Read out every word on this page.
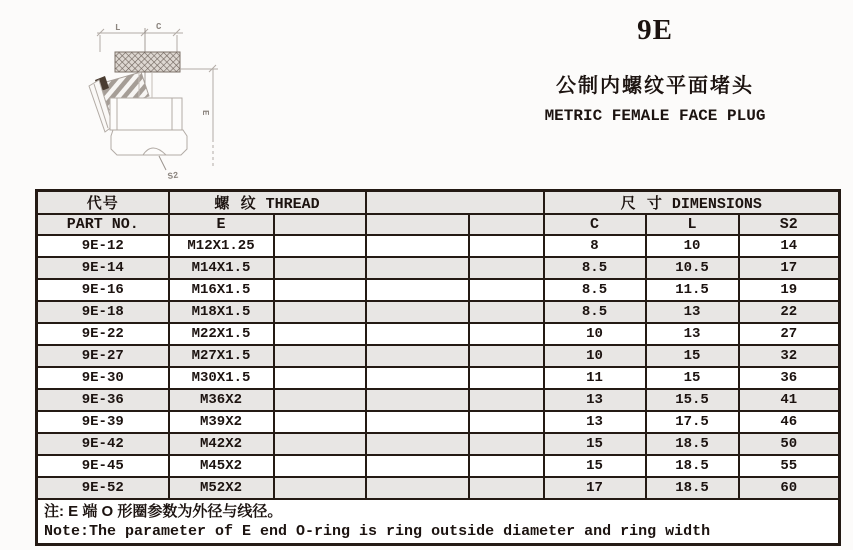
L	C
S2
E
9E
公制内螺纹平面堵头
METRIC FEMALE FACE PLUG
代号	螺  纹 THREAD				尺  寸 DIMENSIONS		
PART NO.	E				C	L	S2
9E-12	M12X1.25				8	10	14
9E-14	M14X1.5				8.5	10.5	17
9E-16	M16X1.5				8.5	11.5	19
9E-18	M18X1.5				8.5	13	22
9E-22	M22X1.5				10	13	27
9E-27	M27X1.5				10	15	32
9E-30	M30X1.5				11	15	36
9E-36	M36X2				13	15.5	41
9E-39	M39X2				13	17.5	46
9E-42	M42X2				15	18.5	50
9E-45	M45X2				15	18.5	55
9E-52	M52X2				17	18.5	60

注: E 端 O 形圈参数为外径与线径。
Note:The parameter of E end O-ring is ring outside diameter and ring width							
